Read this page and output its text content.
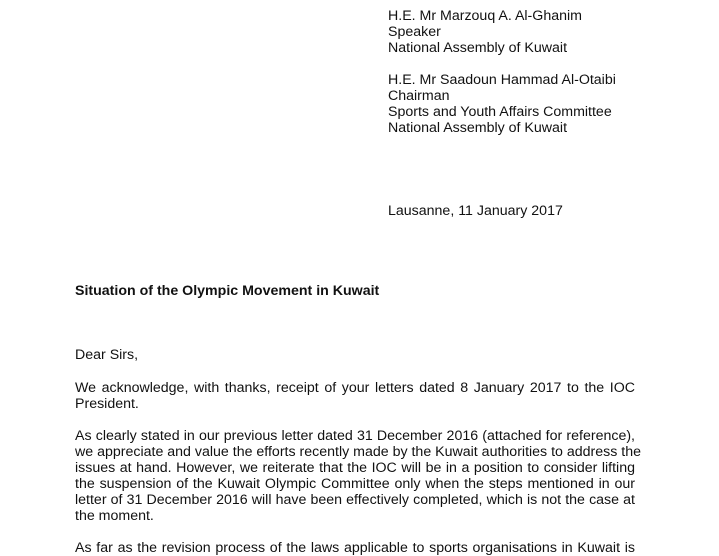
H.E. Mr Marzouq A. Al-Ghanim
Speaker
National Assembly of Kuwait
H.E. Mr Saadoun Hammad Al-Otaibi
Chairman
Sports and Youth Affairs Committee
National Assembly of Kuwait
Lausanne, 11 January 2017
Situation of the Olympic Movement in Kuwait
Dear Sirs,
We acknowledge, with thanks, receipt of your letters dated 8 January 2017 to the IOC
President.
As clearly stated in our previous letter dated 31 December 2016 (attached for reference),
we appreciate and value the efforts recently made by the Kuwait authorities to address the
issues at hand. However, we reiterate that the IOC will be in a position to consider lifting
the suspension of the Kuwait Olympic Committee only when the steps mentioned in our
letter of 31 December 2016 will have been effectively completed, which is not the case at
the moment.
As far as the revision process of the laws applicable to sports organisations in Kuwait is
